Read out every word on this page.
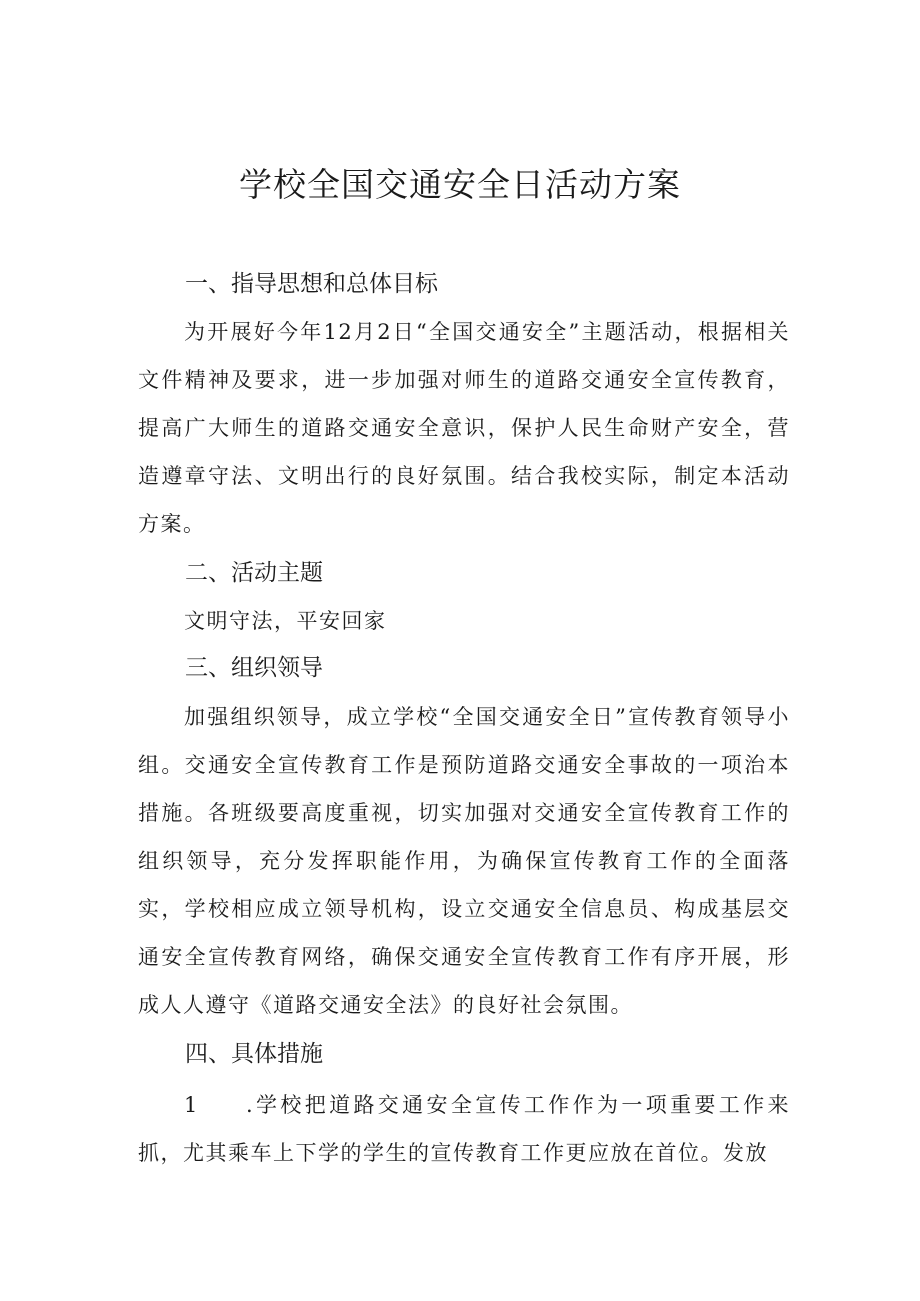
学校全国交通安全日活动方案
一、指导思想和总体目标

为开展好今年12月2日“全国交通安全”主题活动，根据相关文件精神及要求，进一步加强对师生的道路交通安全宣传教育，提高广大师生的道路交通安全意识，保护人民生命财产安全，营造遵章守法、文明出行的良好氛围。结合我校实际，制定本活动方案。

二、活动主题

文明守法，平安回家

三、组织领导

加强组织领导，成立学校“全国交通安全日”宣传教育领导小组。交通安全宣传教育工作是预防道路交通安全事故的一项治本措施。各班级要高度重视，切实加强对交通安全宣传教育工作的组织领导，充分发挥职能作用，为确保宣传教育工作的全面落实，学校相应成立领导机构，设立交通安全信息员、构成基层交通安全宣传教育网络，确保交通安全宣传教育工作有序开展，形成人人遵守《道路交通安全法》的良好社会氛围。

四、具体措施

1 .学校把道路交通安全宣传工作作为一项重要工作来抓，尤其乘车上下学的学生的宣传教育工作更应放在首位。发放
